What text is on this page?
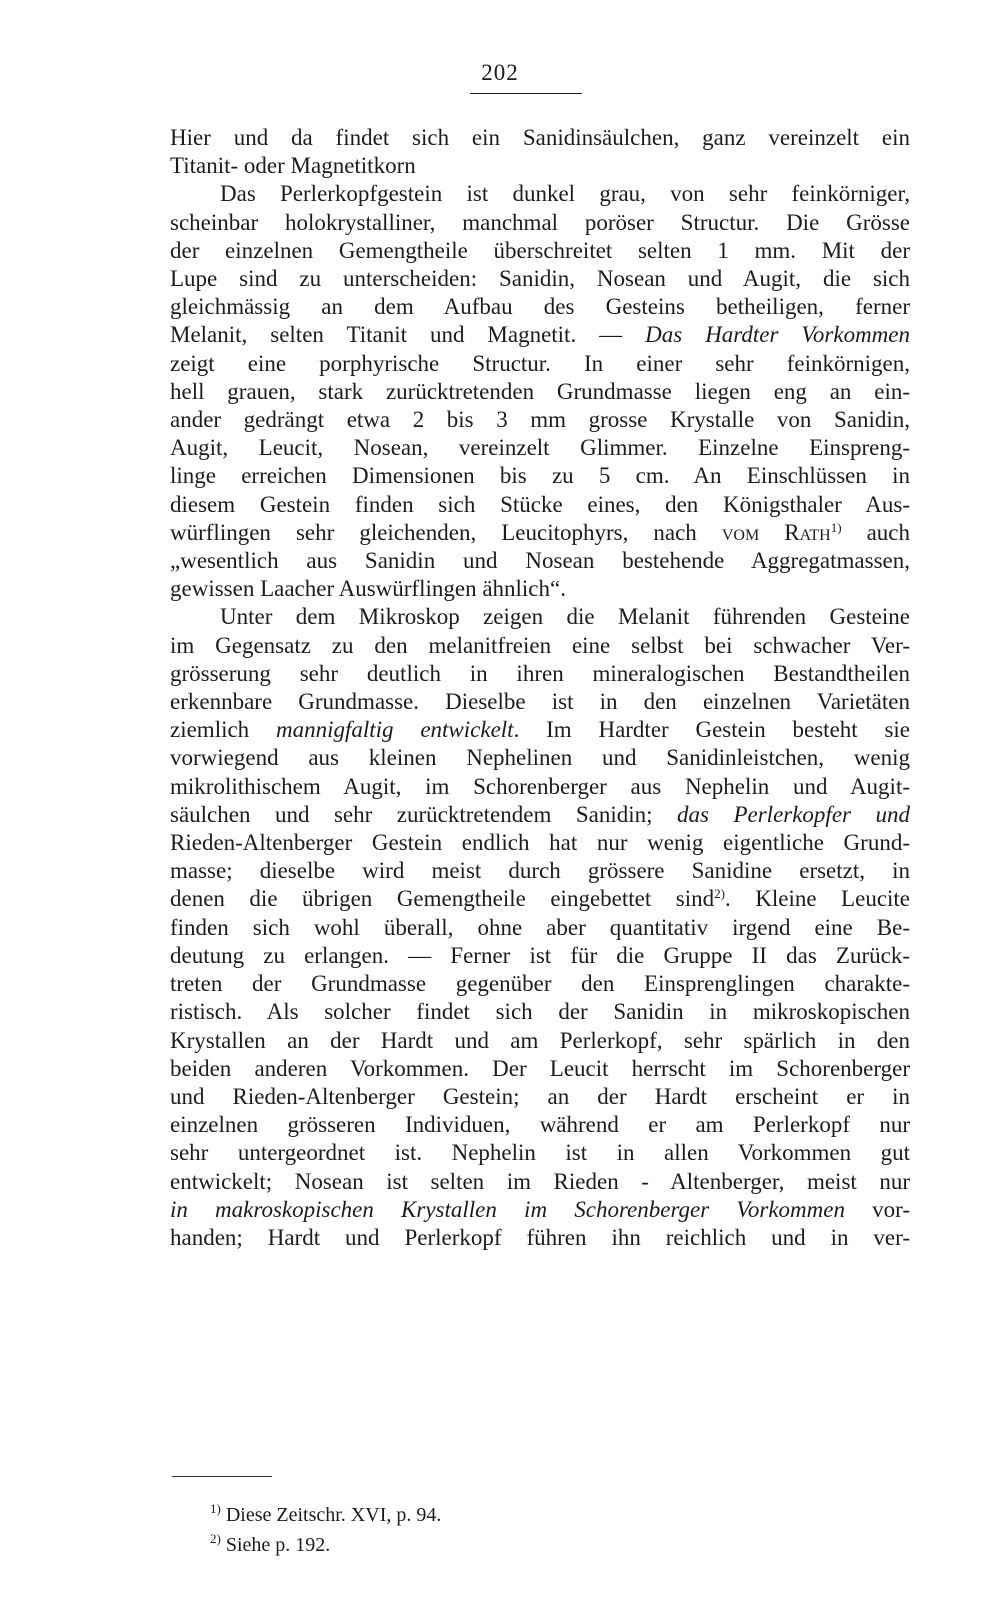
202
Hier und da findet sich ein Sanidinsäulchen, ganz vereinzelt ein
Titanit- oder Magnetitkorn
Das Perlerkopfgestein ist dunkel grau, von sehr feinkörniger,
scheinbar holokrystalliner, manchmal poröser Structur. Die Grösse
der einzelnen Gemengtheile überschreitet selten 1 mm. Mit der
Lupe sind zu unterscheiden: Sanidin, Nosean und Augit, die sich
gleichmässig an dem Aufbau des Gesteins betheiligen, ferner
Melanit, selten Titanit und Magnetit. — Das Hardter Vorkommen
zeigt eine porphyrische Structur. In einer sehr feinkörnigen,
hell grauen, stark zurücktretenden Grundmasse liegen eng an ein-
ander gedrängt etwa 2 bis 3 mm grosse Krystalle von Sanidin,
Augit, Leucit, Nosean, vereinzelt Glimmer. Einzelne Einspreng-
linge erreichen Dimensionen bis zu 5 cm. An Einschlüssen in
diesem Gestein finden sich Stücke eines, den Königsthaler Aus-
würflingen sehr gleichenden, Leucitophyrs, nach vom Rath$^{1)}$ auch
„wesentlich aus Sanidin und Nosean bestehende Aggregatmassen,
gewissen Laacher Auswürflingen ähnlich“.
Unter dem Mikroskop zeigen die Melanit führenden Gesteine
im Gegensatz zu den melanitfreien eine selbst bei schwacher Ver-
grösserung sehr deutlich in ihren mineralogischen Bestandtheilen
erkennbare Grundmasse. Dieselbe ist in den einzelnen Varietäten
ziemlich mannigfaltig entwickelt. Im Hardter Gestein besteht sie
vorwiegend aus kleinen Nephelinen und Sanidinleistchen, wenig
mikrolithischem Augit, im Schorenberger aus Nephelin und Augit-
säulchen und sehr zurücktretendem Sanidin; das Perlerkopfer und
Rieden-Altenberger Gestein endlich hat nur wenig eigentliche Grund-
masse; dieselbe wird meist durch grössere Sanidine ersetzt, in
denen die übrigen Gemengtheile eingebettet sind$^{2)}$. Kleine Leucite
finden sich wohl überall, ohne aber quantitativ irgend eine Be-
deutung zu erlangen. — Ferner ist für die Gruppe II das Zurück-
treten der Grundmasse gegenüber den Einsprenglingen charakte-
ristisch. Als solcher findet sich der Sanidin in mikroskopischen
Krystallen an der Hardt und am Perlerkopf, sehr spärlich in den
beiden anderen Vorkommen. Der Leucit herrscht im Schorenberger
und Rieden-Altenberger Gestein; an der Hardt erscheint er in
einzelnen grösseren Individuen, während er am Perlerkopf nur
sehr untergeordnet ist. Nephelin ist in allen Vorkommen gut
entwickelt; Nosean ist selten im Rieden - Altenberger, meist nur
in makroskopischen Krystallen im Schorenberger Vorkommen vor-
handen; Hardt und Perlerkopf führen ihn reichlich und in ver-
$^{1)}$ Diese Zeitschr. XVI, p. 94.
$^{2)}$ Siehe p. 192.
